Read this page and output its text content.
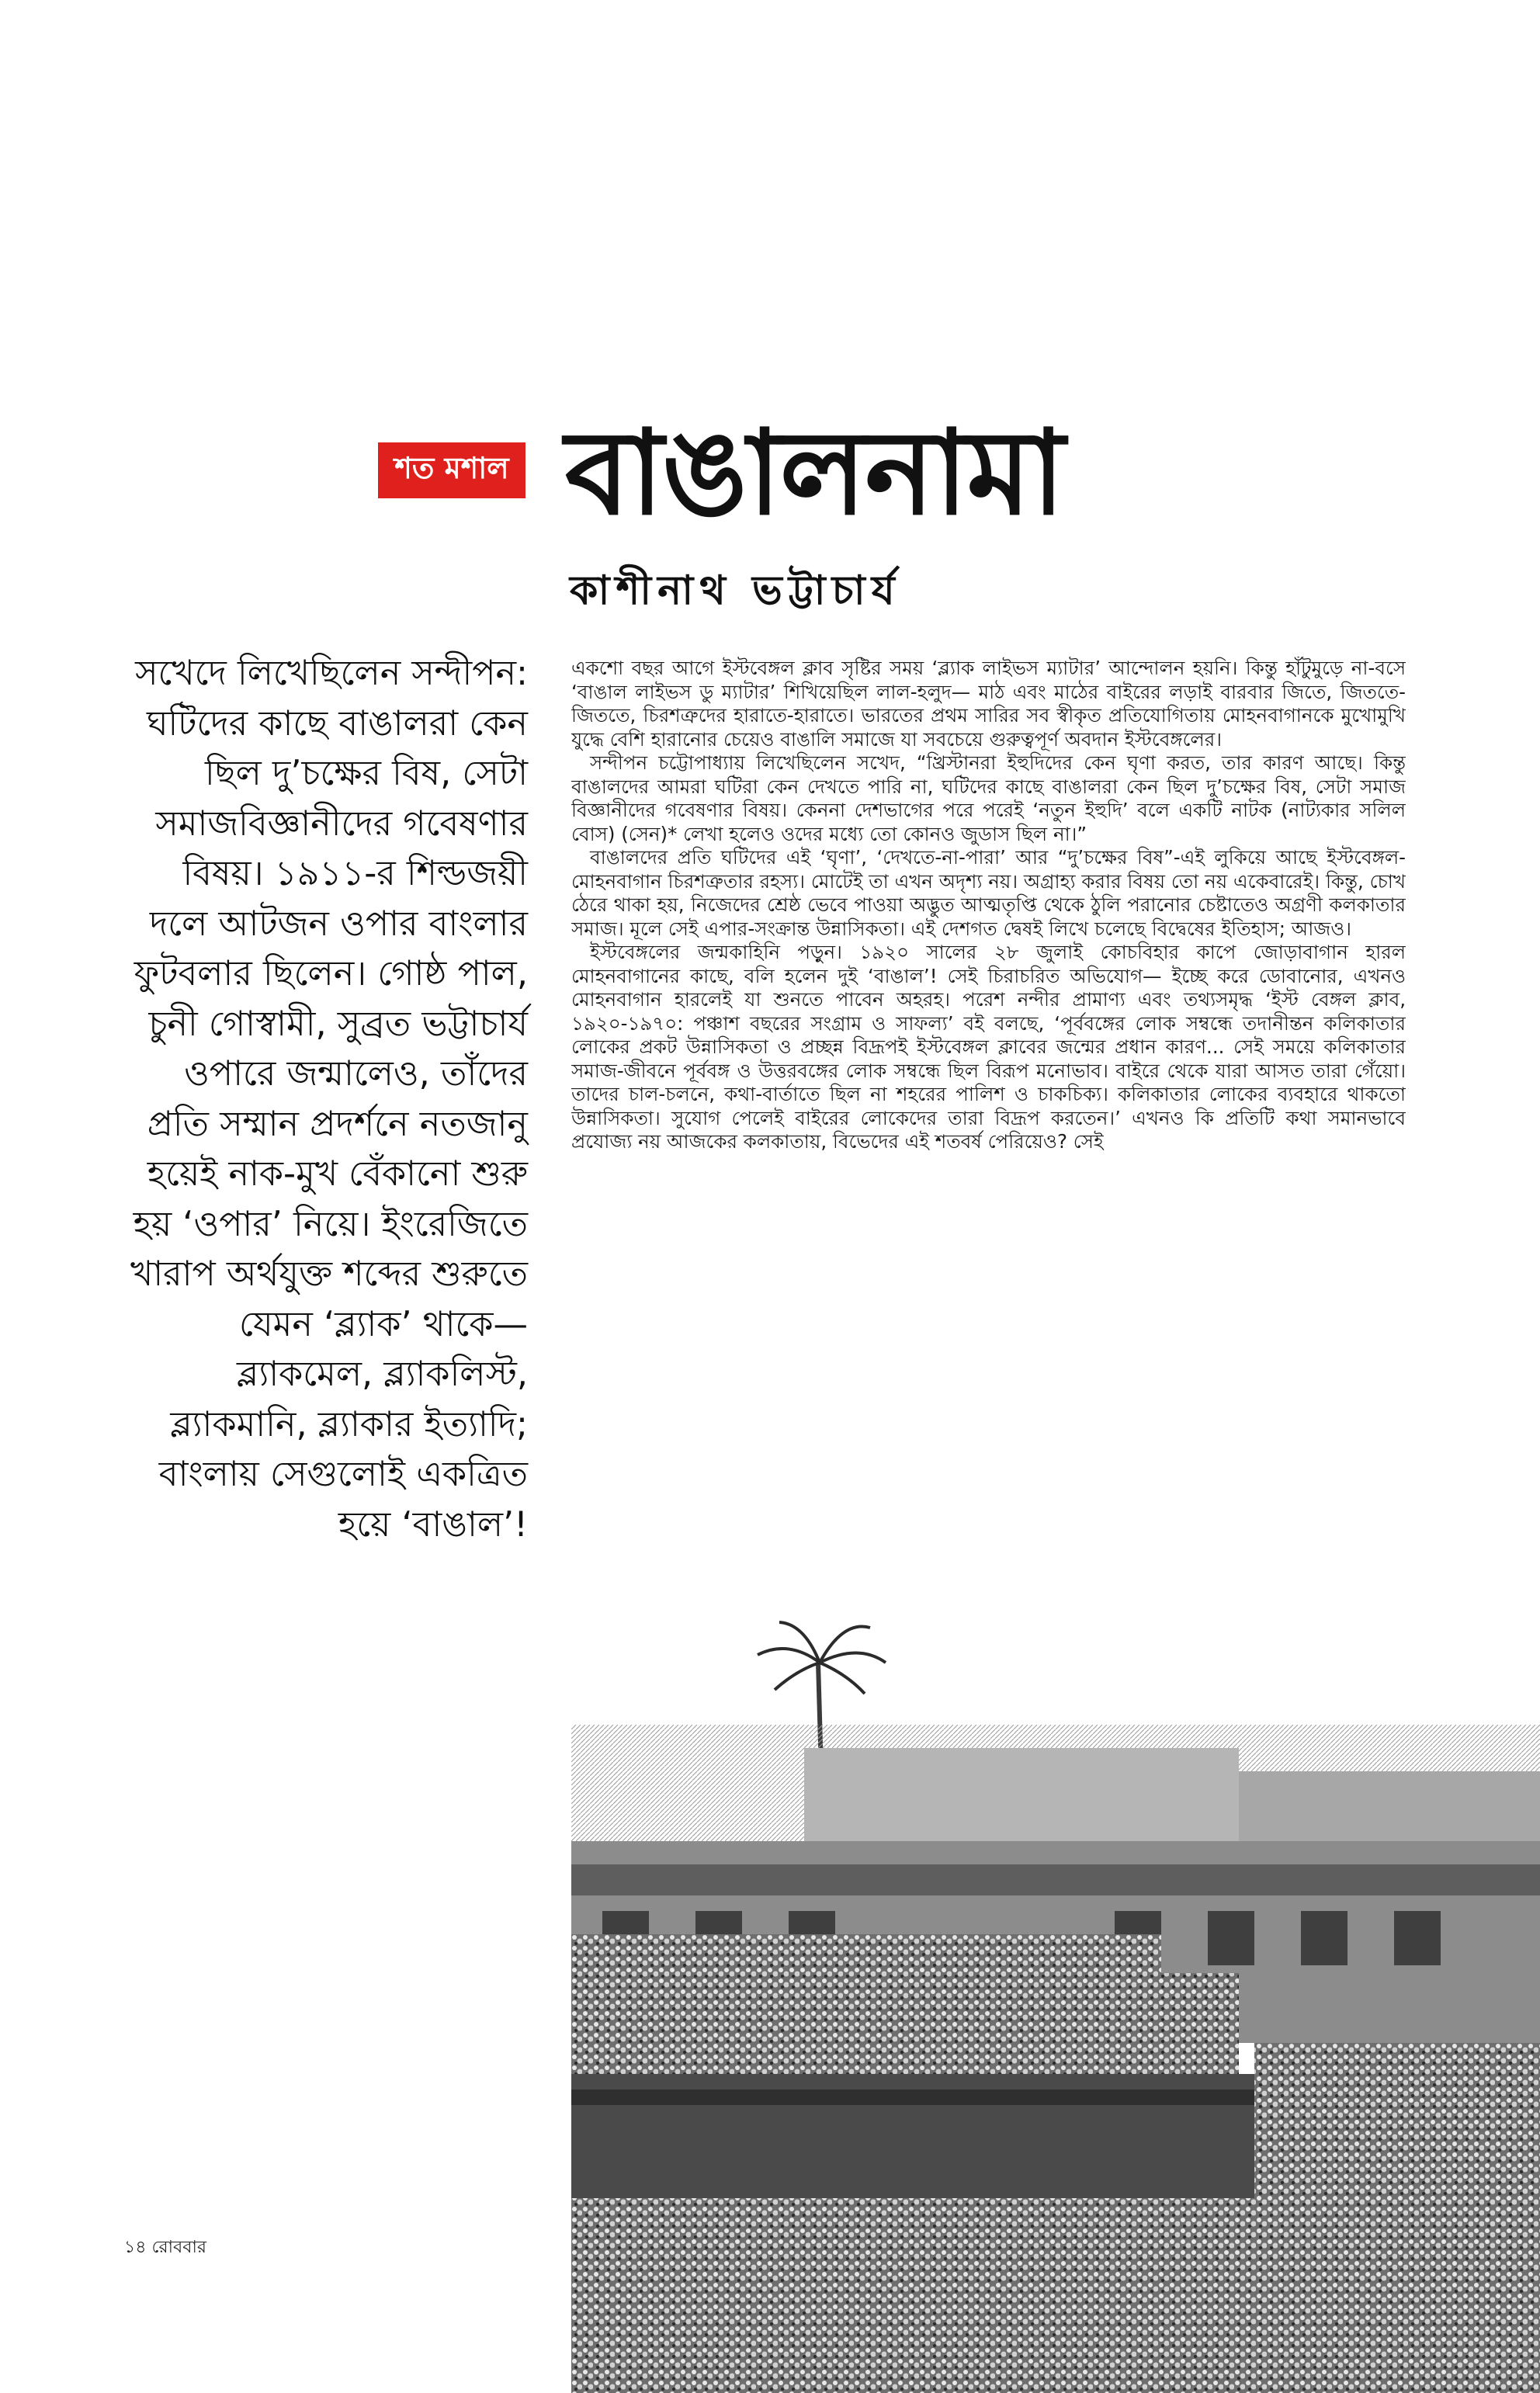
শত মশাল বাঙালনামা
কাশীনাথ ভট্টাচার্য

সখেদে লিখেছিলেন সন্দীপন: ঘটিদের কাছে বাঙালরা কেন ছিল দু’চক্ষের বিষ, সেটা সমাজবিজ্ঞানীদের গবেষণার বিষয়। ১৯১১-র শিল্ডজয়ী দলে আটজন ওপার বাংলার ফুটবলার ছিলেন। গোষ্ঠ পাল, চুনী গোস্বামী, সুব্রত ভট্টাচার্য ওপারে জন্মালেও, তাঁদের প্রতি সম্মান প্রদর্শনে নতজানু হয়েই নাক-মুখ বেঁকানো শুরু হয় ‘ওপার’ নিয়ে। ইংরেজিতে খারাপ অর্থযুক্ত শব্দের শুরুতে যেমন ‘ব্ল্যাক’ থাকে— ব্ল্যাকমেল, ব্ল্যাকলিস্ট, ব্ল্যাকমানি, ব্ল্যাকার ইত্যাদি; বাংলায় সেগুলোই একত্রিত হয়ে ‘বাঙাল’!

একশো বছর আগে ইস্টবেঙ্গল ক্লাব সৃষ্টির সময় ‘ব্ল্যাক লাইভস ম্যাটার’ আন্দোলন হয়নি। কিন্তু হাঁটুমুড়ে না-বসে ‘বাঙাল লাইভস ডু ম্যাটার’ শিখিয়েছিল লাল-হলুদ— মাঠ এবং মাঠের বাইরের লড়াই বারবার জিতে, জিততে-জিততে, চিরশত্রুদের হারাতে-হারাতে। ভারতের প্রথম সারির সব স্বীকৃত প্রতিযোগিতায় মোহনবাগানকে মুখোমুখি যুদ্ধে বেশি হারানোর চেয়েও বাঙালি সমাজে যা সবচেয়ে গুরুত্বপূর্ণ অবদান ইস্টবেঙ্গলের।

সন্দীপন চট্টোপাধ্যায় লিখেছিলেন সখেদ, “খ্রিস্টানরা ইহুদিদের কেন ঘৃণা করত, তার কারণ আছে। কিন্তু বাঙালদের আমরা ঘটিরা কেন দেখতে পারি না, ঘটিদের কাছে বাঙালরা কেন ছিল দু’চক্ষের বিষ, সেটা সমাজ বিজ্ঞানীদের গবেষণার বিষয়। কেননা দেশভাগের পরে পরেই ‘নতুন ইহুদি’ বলে একটি নাটক (নাট্যকার সলিল বোস) (সেন)* লেখা হলেও ওদের মধ্যে তো কোনও জুডাস ছিল না।”

বাঙালদের প্রতি ঘটিদের এই ‘ঘৃণা’, ‘দেখতে-না-পারা’ আর “দু’চক্ষের বিষ”-এই লুকিয়ে আছে ইস্টবেঙ্গল-মোহনবাগান চিরশত্রুতার রহস্য। মোটেই তা এখন অদৃশ্য নয়। অগ্রাহ্য করার বিষয় তো নয় একেবারেই। কিন্তু, চোখ ঠেরে থাকা হয়, নিজেদের শ্রেষ্ঠ ভেবে পাওয়া অদ্ভুত আত্মতৃপ্তি থেকে ঠুলি পরানোর চেষ্টাতেও অগ্রণী কলকাতার সমাজ। মূলে সেই এপার-সংক্রান্ত উন্নাসিকতা। এই দেশগত দ্বেষই লিখে চলেছে বিদ্বেষের ইতিহাস; আজও।

ইস্টবেঙ্গলের জন্মকাহিনি পড়ুন। ১৯২০ সালের ২৮ জুলাই কোচবিহার কাপে জোড়াবাগান হারল মোহনবাগানের কাছে, বলি হলেন দুই ‘বাঙাল’! সেই চিরাচরিত অভিযোগ— ইচ্ছে করে ডোবানোর, এখনও মোহনবাগান হারলেই যা শুনতে পাবেন অহরহ। পরেশ নন্দীর প্রামাণ্য এবং তথ্যসমৃদ্ধ ‘ইস্ট বেঙ্গল ক্লাব, ১৯২০-১৯৭০: পঞ্চাশ বছরের সংগ্রাম ও সাফল্য’ বই বলছে, ‘পূর্ববঙ্গের লোক সম্বন্ধে তদানীন্তন কলিকাতার লোকের প্রকট উন্নাসিকতা ও প্রচ্ছন্ন বিদ্রূপই ইস্টবেঙ্গল ক্লাবের জন্মের প্রধান কারণ... সেই সময়ে কলিকাতার সমাজ-জীবনে পূর্ববঙ্গ ও উত্তরবঙ্গের লোক সম্বন্ধে ছিল বিরূপ মনোভাব। বাইরে থেকে যারা আসত তারা গেঁয়ো। তাদের চাল-চলনে, কথা-বার্তাতে ছিল না শহরের পালিশ ও চাকচিক্য। কলিকাতার লোকের ব্যবহারে থাকতো উন্নাসিকতা। সুযোগ পেলেই বাইরের লোকেদের তারা বিদ্রূপ করতেন।’ এখনও কি প্রতিটি কথা সমানভাবে প্রযোজ্য নয় আজকের কলকাতায়, বিভেদের এই শতবর্ষ পেরিয়েও? সেই

১৪ রোববার
